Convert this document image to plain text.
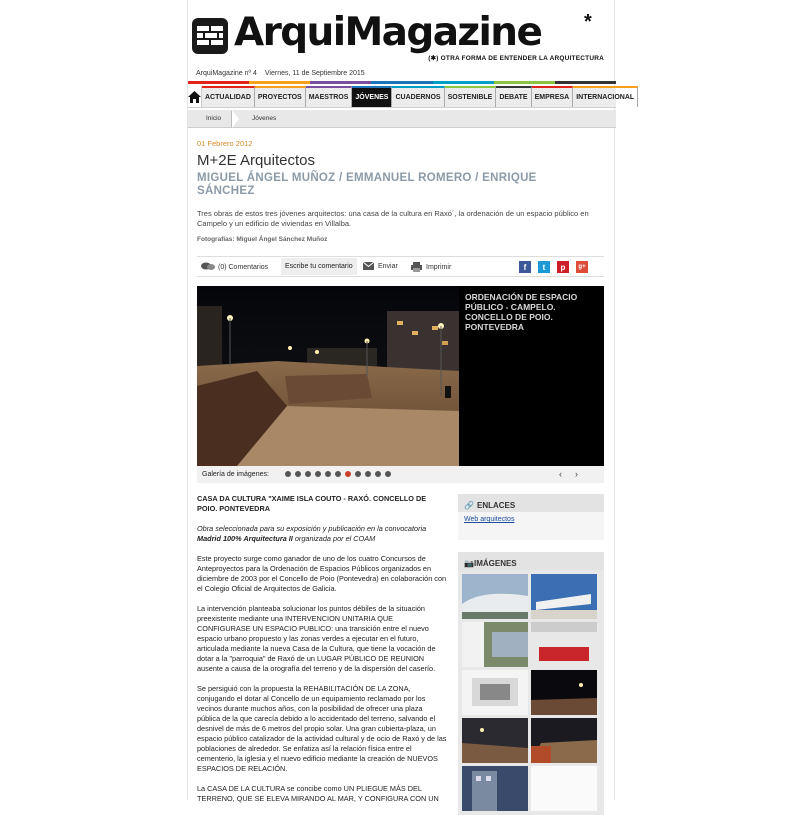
ArquiMagazine *
(✱) OTRA FORMA DE ENTENDER LA ARQUITECTURA
ArquiMagazine nº 4 Viernes, 11 de Septiembre 2015
ACTUALIDAD	PROYECTOS	MAESTROS	JÓVENES	CUADERNOS	SOSTENIBLE	DEBATE	EMPRESA	INTERNACIONAL
Inicio	Jóvenes
01 Febrero 2012
M+2E Arquitectos
MIGUEL ÁNGEL MUÑOZ / EMMANUEL ROMERO / ENRIQUE SÁNCHEZ
Tres obras de estos tres jóvenes arquitectos: una casa de la cultura en Raxó´, la ordenación de un espacio público en Campelo y un edificio de viviendas en Villalba.
Fotografías: Miguel Ángel Sánchez Muñoz
(0) Comentarios Escribe tu comentario	Enviar	Imprimir	f	t	p	g+
ORDENACIÓN DE ESPACIO PÚBLICO - CAMPELO. CONCELLO DE POIO. PONTEVEDRA
Galería de imágenes:	‹ ›

CASA DA CULTURA "XAIME ISLA COUTO - RAXÓ. CONCELLO DE POIO. PONTEVEDRA

Obra seleccionada para su exposición y publicación en la convocatoria Madrid 100% Arquitectura II organizada por el COAM

Este proyecto surge como ganador de uno de los cuatro Concursos de Anteproyectos para la Ordenación de Espacios Públicos organizados en diciembre de 2003 por el Concello de Poio (Pontevedra) en colaboración con el Colegio Oficial de Arquitectos de Galicia.

La intervención planteaba solucionar los puntos débiles de la situación preexistente mediante una INTERVENCION UNITARIA QUE CONFIGURASE UN ESPACIO PUBLICO: una transición entre el nuevo espacio urbano propuesto y las zonas verdes a ejecutar en el futuro, articulada mediante la nueva Casa de la Cultura, que tiene la vocación de dotar a la "parroquia" de Raxó de un LUGAR PÚBLICO DE REUNION ausente a causa de la orografía del terreno y de la dispersión del caserío.

Se persiguió con la propuesta la REHABILITACIÓN DE LA ZONA, conjugando el dotar al Concello de un equipamiento reclamado por los vecinos durante muchos años, con la posibilidad de ofrecer una plaza pública de la que carecía debido a lo accidentado del terreno, salvando el desnivel de más de 6 metros del propio solar. Una gran cubierta-plaza, un espacio público catalizador de la actividad cultural y de ocio de Raxó y de las poblaciones de alrededor. Se enfatiza así la relación física entre el cementerio, la iglesia y el nuevo edificio mediante la creación de NUEVOS ESPACIOS DE RELACIÓN.

La CASA DE LA CULTURA se concibe como UN PLIEGUE MÁS DEL TERRENO, QUE SE ELEVA MIRANDO AL MAR, Y CONFIGURA CON UN

🔗 ENLACES
Web arquitectos
📷 IMÁGENES
